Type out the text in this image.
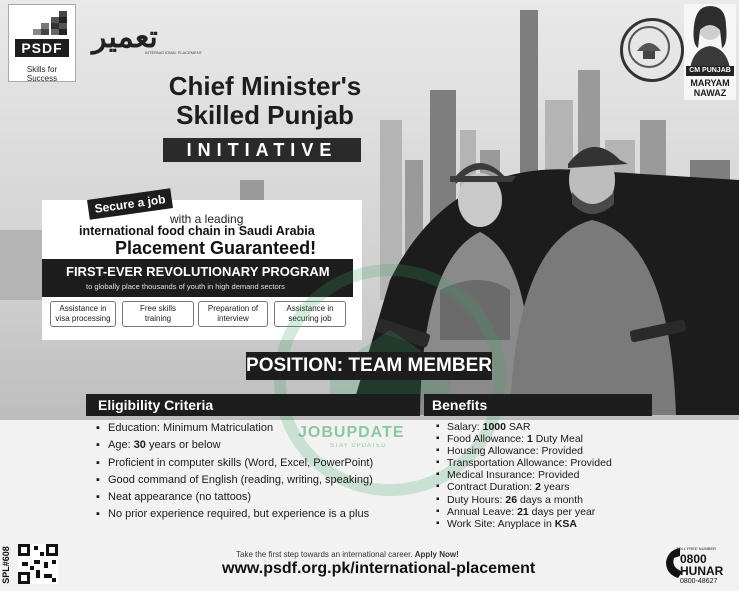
PSDF
Skills for Success
تعمیر
INTERNATIONAL PLACEMENT
Chief Minister's
Skilled Punjab
INITIATIVE
CM PUNJAB
MARYAM
NAWAZ
Secure a job
with a leading
international food chain in Saudi Arabia
Placement Guaranteed!
FIRST-EVER REVOLUTIONARY PROGRAM
to globally place thousands of youth in high demand sectors
Assistance in visa processing
Free skills training
Preparation of interview
Assistance in securing job
JOBUPDATE
STAY UPDATED
POSITION: TEAM MEMBER
Eligibility Criteria
▪ Education: Minimum Matriculation
▪ Age: 30 years or below
▪ Proficient in computer skills (Word, Excel, PowerPoint)
▪ Good command of English (reading, writing, speaking)
▪ Neat appearance (no tattoos)
▪ No prior experience required, but experience is a plus
Benefits
▪ Salary: 1000 SAR
▪ Food Allowance: 1 Duty Meal
▪ Housing Allowance: Provided
▪ Transportation Allowance: Provided
▪ Medical Insurance: Provided
▪ Contract Duration: 2 years
▪ Duty Hours: 26 days a month
▪ Annual Leave: 21 days per year
▪ Work Site: Anyplace in KSA
SPL#608	Take the first step towards an international career. Apply Now!
www.psdf.org.pk/international-placement
TOLL FREE NUMBER
0800
HUNAR
0800-48627
